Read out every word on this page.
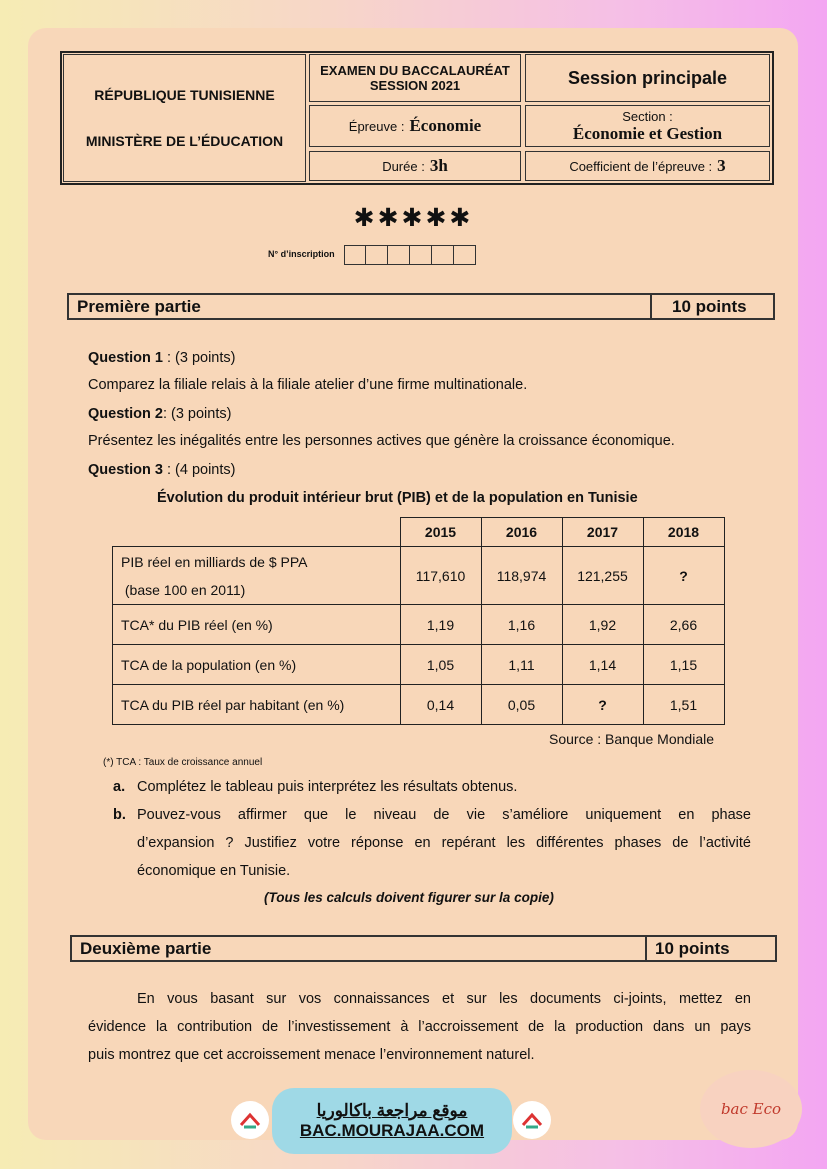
RÉPUBLIQUE TUNISIENNE
MINISTÈRE DE L’ÉDUCATION
EXAMEN DU BACCALAURÉAT
SESSION 2021	Session principale
Épreuve : Économie	Section :
Économie et Gestion
Durée : 3h	Coefficient de l’épreuve : 3
✱✱✱✱✱
N° d’inscription
Première partie	10 points
Question 1 : (3 points)
Comparez la filiale relais à la filiale atelier d’une firme multinationale.
Question 2: (3 points)
Présentez les inégalités entre les personnes actives que génère la croissance économique.
Question 3 : (4 points)
Évolution du produit intérieur brut (PIB) et de la population en Tunisie
	2015	2016	2017	2018

PIB réel en milliards de $ PPA
(base 100 en 2011)	117,610	118,974	121,255	?
TCA* du PIB réel (en %)	1,19	1,16	1,92	2,66
TCA de la population (en %)	1,05	1,11	1,14	1,15
TCA du PIB réel par habitant (en %)	0,14	0,05	?	1,51
Source : Banque Mondiale
(*) TCA : Taux de croissance annuel
a. Complétez le tableau puis interprétez les résultats obtenus.
b. Pouvez-vous affirmer que le niveau de vie s’améliore uniquement en phase
d’expansion ? Justifiez votre réponse en repérant les différentes phases de l’activité
économique en Tunisie.
(Tous les calculs doivent figurer sur la copie)
Deuxième partie	10 points
En vous basant sur vos connaissances et sur les documents ci-joints, mettez en
évidence la contribution de l’investissement à l’accroissement de la production dans un pays
puis montrez que cet accroissement menace l’environnement naturel.
موقع مراجعة باكالوريا
BAC.MOURAJAA.COM
bac Eco
